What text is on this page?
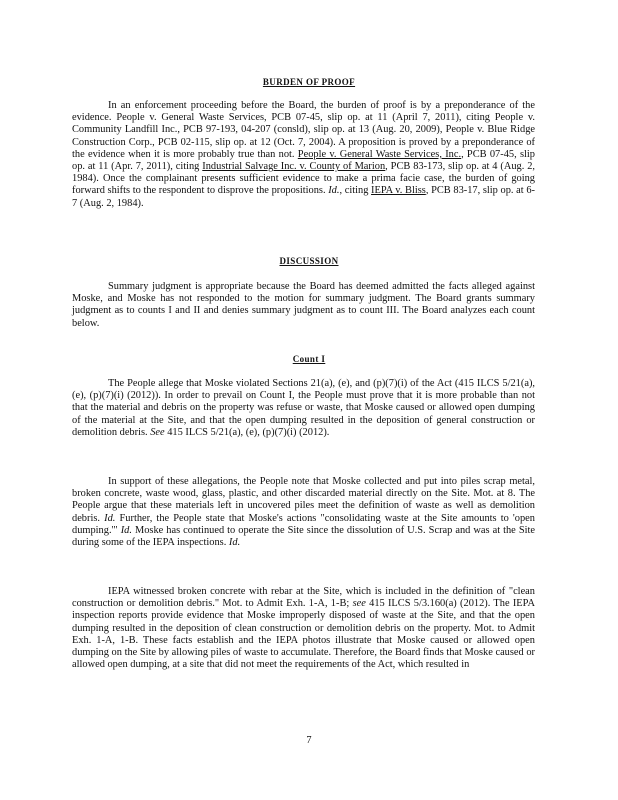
BURDEN OF PROOF

In an enforcement proceeding before the Board, the burden of proof is by a preponderance of the evidence. People v. General Waste Services, PCB 07-45, slip op. at 11 (April 7, 2011), citing People v. Community Landfill Inc., PCB 97-193, 04-207 (consld), slip op. at 13 (Aug. 20, 2009), People v. Blue Ridge Construction Corp., PCB 02-115, slip op. at 12 (Oct. 7, 2004). A proposition is proved by a preponderance of the evidence when it is more probably true than not. People v. General Waste Services, Inc., PCB 07-45, slip op. at 11 (Apr. 7, 2011), citing Industrial Salvage Inc. v. County of Marion, PCB 83-173, slip op. at 4 (Aug. 2, 1984). Once the complainant presents sufficient evidence to make a prima facie case, the burden of going forward shifts to the respondent to disprove the propositions. Id., citing IEPA v. Bliss, PCB 83-17, slip op. at 6-7 (Aug. 2, 1984).

DISCUSSION

Summary judgment is appropriate because the Board has deemed admitted the facts alleged against Moske, and Moske has not responded to the motion for summary judgment. The Board grants summary judgment as to counts I and II and denies summary judgment as to count III. The Board analyzes each count below.

Count I

The People allege that Moske violated Sections 21(a), (e), and (p)(7)(i) of the Act (415 ILCS 5/21(a), (e), (p)(7)(i) (2012)). In order to prevail on Count I, the People must prove that it is more probable than not that the material and debris on the property was refuse or waste, that Moske caused or allowed open dumping of the material at the Site, and that the open dumping resulted in the deposition of general construction or demolition debris. See 415 ILCS 5/21(a), (e), (p)(7)(i) (2012).

In support of these allegations, the People note that Moske collected and put into piles scrap metal, broken concrete, waste wood, glass, plastic, and other discarded material directly on the Site. Mot. at 8. The People argue that these materials left in uncovered piles meet the definition of waste as well as demolition debris. Id. Further, the People state that Moske's actions "consolidating waste at the Site amounts to 'open dumping.'" Id. Moske has continued to operate the Site since the dissolution of U.S. Scrap and was at the Site during some of the IEPA inspections. Id.

IEPA witnessed broken concrete with rebar at the Site, which is included in the definition of "clean construction or demolition debris." Mot. to Admit Exh. 1-A, 1-B; see 415 ILCS 5/3.160(a) (2012). The IEPA inspection reports provide evidence that Moske improperly disposed of waste at the Site, and that the open dumping resulted in the deposition of clean construction or demolition debris on the property. Mot. to Admit Exh. 1-A, 1-B. These facts establish and the IEPA photos illustrate that Moske caused or allowed open dumping on the Site by allowing piles of waste to accumulate. Therefore, the Board finds that Moske caused or allowed open dumping, at a site that did not meet the requirements of the Act, which resulted in

7
